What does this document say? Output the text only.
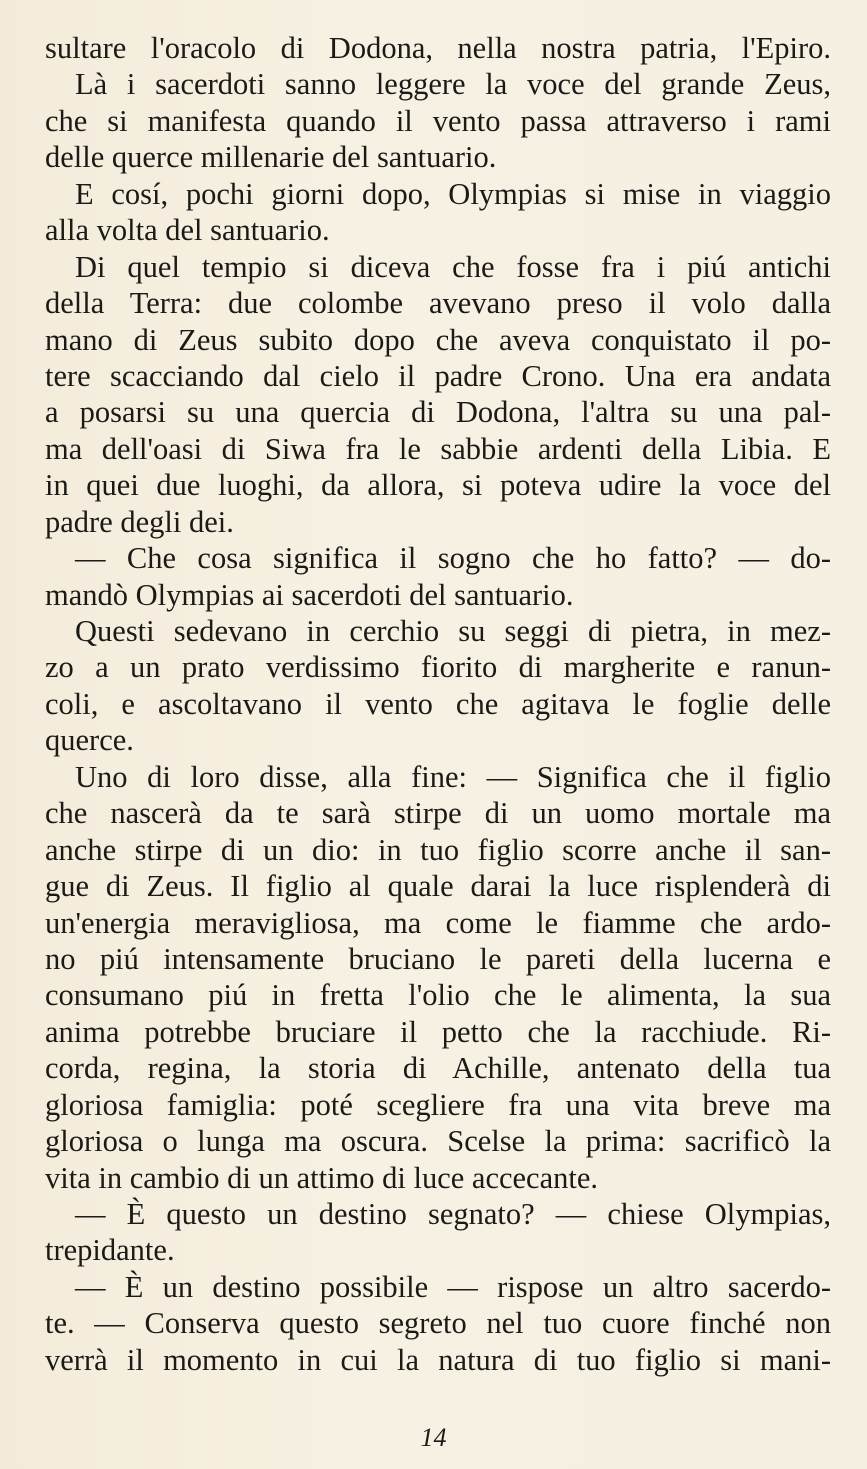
sultare l'oracolo di Dodona, nella nostra patria, l'Epiro.
Là i sacerdoti sanno leggere la voce del grande Zeus,
che si manifesta quando il vento passa attraverso i rami
delle querce millenarie del santuario.
E cosí, pochi giorni dopo, Olympias si mise in viaggio
alla volta del santuario.
Di quel tempio si diceva che fosse fra i piú antichi
della Terra: due colombe avevano preso il volo dalla
mano di Zeus subito dopo che aveva conquistato il po-
tere scacciando dal cielo il padre Crono. Una era andata
a posarsi su una quercia di Dodona, l'altra su una pal-
ma dell'oasi di Siwa fra le sabbie ardenti della Libia. E
in quei due luoghi, da allora, si poteva udire la voce del
padre degli dei.
— Che cosa significa il sogno che ho fatto? — do-
mandò Olympias ai sacerdoti del santuario.
Questi sedevano in cerchio su seggi di pietra, in mez-
zo a un prato verdissimo fiorito di margherite e ranun-
coli, e ascoltavano il vento che agitava le foglie delle
querce.
Uno di loro disse, alla fine: — Significa che il figlio
che nascerà da te sarà stirpe di un uomo mortale ma
anche stirpe di un dio: in tuo figlio scorre anche il san-
gue di Zeus. Il figlio al quale darai la luce risplenderà di
un'energia meravigliosa, ma come le fiamme che ardo-
no piú intensamente bruciano le pareti della lucerna e
consumano piú in fretta l'olio che le alimenta, la sua
anima potrebbe bruciare il petto che la racchiude. Ri-
corda, regina, la storia di Achille, antenato della tua
gloriosa famiglia: poté scegliere fra una vita breve ma
gloriosa o lunga ma oscura. Scelse la prima: sacrificò la
vita in cambio di un attimo di luce accecante.
— È questo un destino segnato? — chiese Olympias,
trepidante.
— È un destino possibile — rispose un altro sacerdo-
te. — Conserva questo segreto nel tuo cuore finché non
verrà il momento in cui la natura di tuo figlio si mani-
14
